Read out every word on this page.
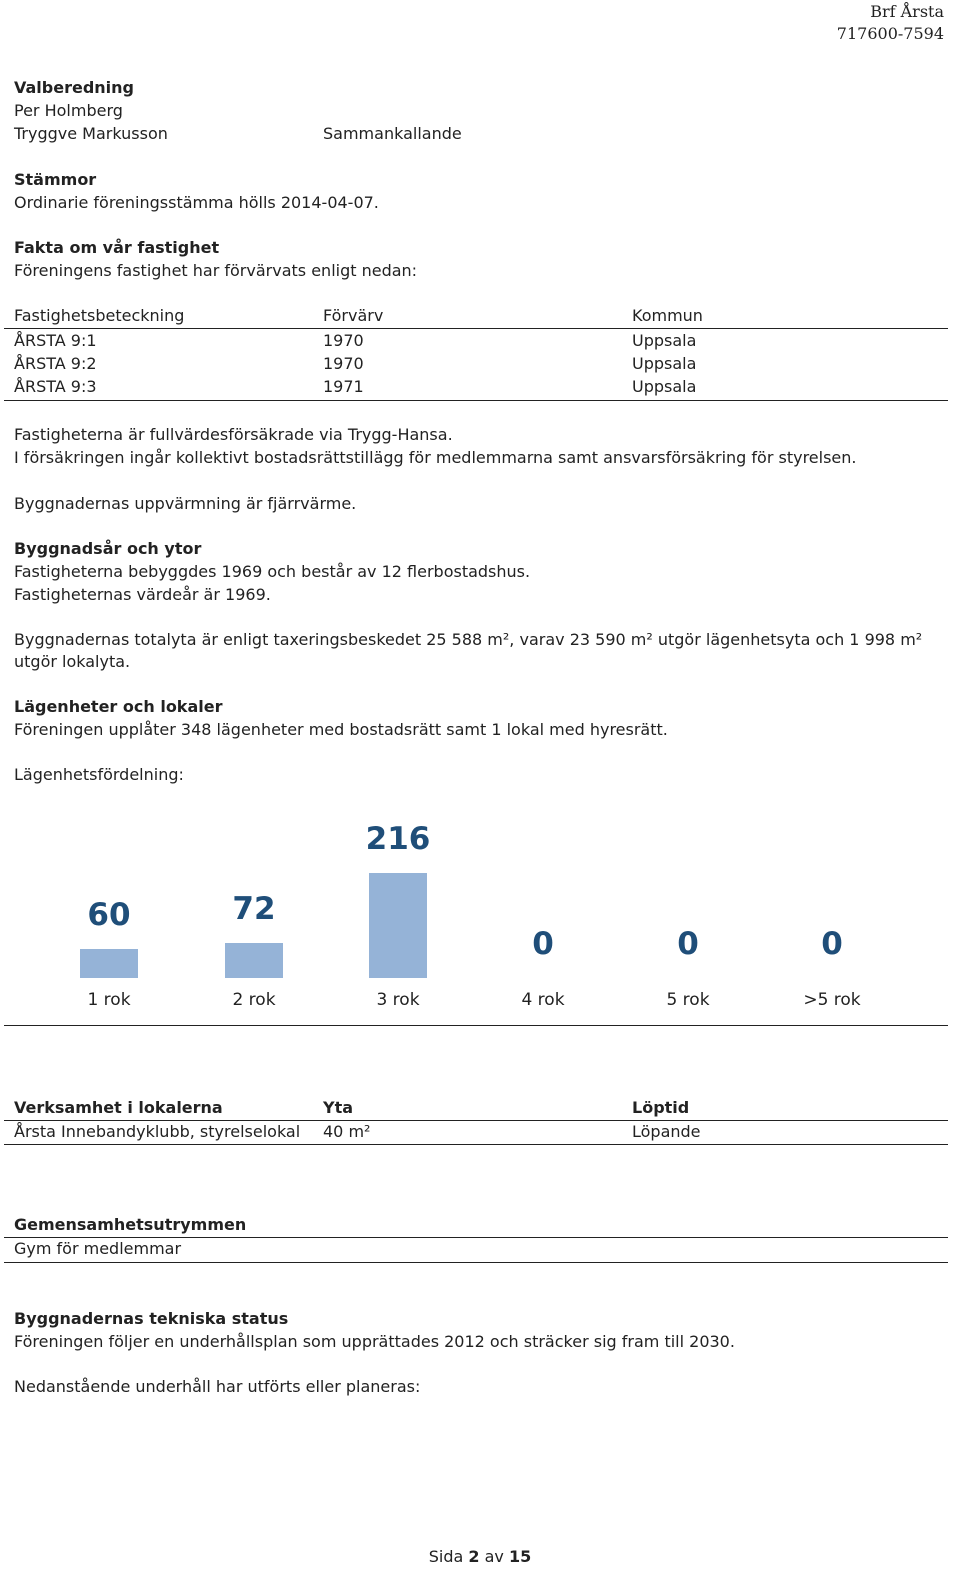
Brf Årsta
717600-7594
Valberedning
Per Holmberg
Tryggve Markusson	Sammankallande
Stämmor
Ordinarie föreningsstämma hölls 2014-04-07.
Fakta om vår fastighet
Föreningens fastighet har förvärvats enligt nedan:
Fastighetsbeteckning	Förvärv	Kommun
ÅRSTA 9:1	1970	Uppsala
ÅRSTA 9:2	1970	Uppsala
ÅRSTA 9:3	1971	Uppsala
Fastigheterna är fullvärdesförsäkrade via Trygg-Hansa.
I försäkringen ingår kollektivt bostadsrättstillägg för medlemmarna samt ansvarsförsäkring för styrelsen.
Byggnadernas uppvärmning är fjärrvärme.
Byggnadsår och ytor
Fastigheterna bebyggdes 1969 och består av 12 flerbostadshus.
Fastigheternas värdeår är 1969.
Byggnadernas totalyta är enligt taxeringsbeskedet 25 588 m², varav 23 590 m² utgör lägenhetsyta och 1 998 m²
utgör lokalyta.
Lägenheter och lokaler
Föreningen upplåter 348 lägenheter med bostadsrätt samt 1 lokal med hyresrätt.
Lägenhetsfördelning:
60
1 rok
72
2 rok
216
3 rok
0
4 rok
0
5 rok
0
>5 rok
Verksamhet i lokalerna	Yta	Löptid
Årsta Innebandyklubb, styrelselokal 40 m²	Löpande
Gemensamhetsutrymmen
Gym för medlemmar
Byggnadernas tekniska status
Föreningen följer en underhållsplan som upprättades 2012 och sträcker sig fram till 2030.
Nedanstående underhåll har utförts eller planeras:
Sida 2 av 15
